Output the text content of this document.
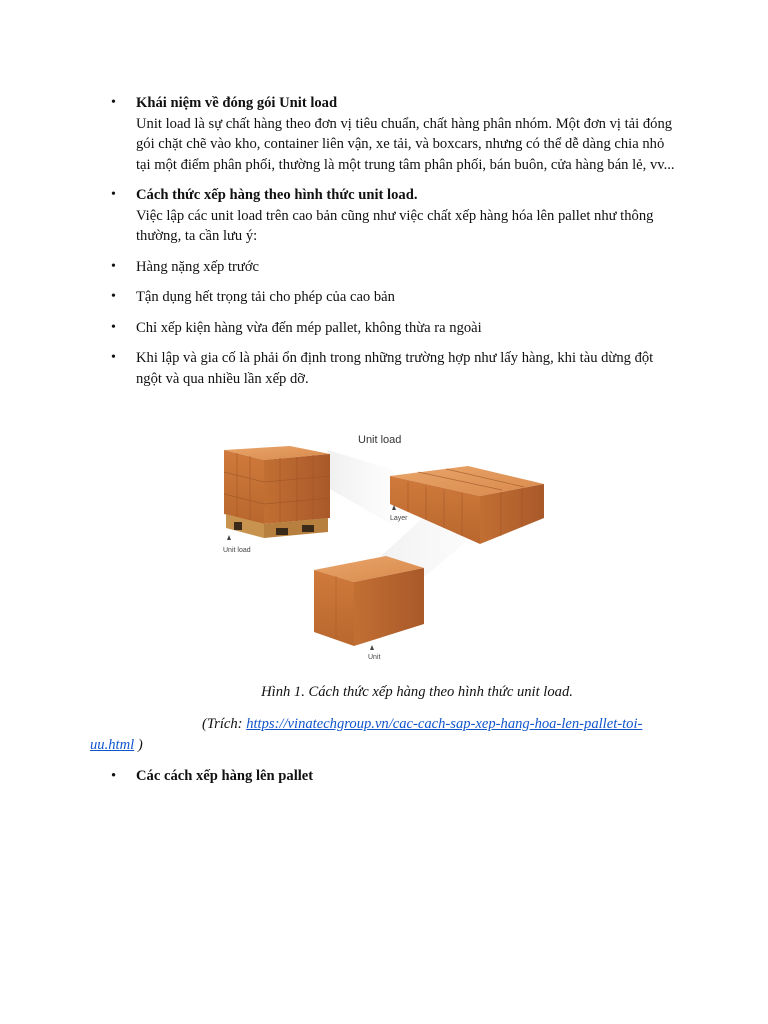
• Khái niệm về đóng gói Unit load
Unit load là sự chất hàng theo đơn vị tiêu chuẩn, chất hàng phân nhóm. Một đơn vị tải đóng gói chặt chẽ vào kho, container liên vận, xe tải, và boxcars, nhưng có thể dễ dàng chia nhỏ tại một điểm phân phối, thường là một trung tâm phân phối, bán buôn, cửa hàng bán lẻ, vv...
• Cách thức xếp hàng theo hình thức unit load.
Việc lập các unit load trên cao bản cũng như việc chất xếp hàng hóa lên pallet như thông thường, ta cần lưu ý:
• Hàng nặng xếp trước
• Tận dụng hết trọng tải cho phép của cao bản
• Chỉ xếp kiện hàng vừa đến mép pallet, không thừa ra ngoài
• Khi lập và gia cố là phải ổn định trong những trường hợp như lấy hàng, khi tàu dừng đột ngột và qua nhiều lần xếp dỡ.
Unit load
Unit load
Layer
Unit
Hình 1. Cách thức xếp hàng theo hình thức unit load.
(Trích: https://vinatechgroup.vn/cac-cach-sap-xep-hang-hoa-len-pallet-toi-uu.html )
• Các cách xếp hàng lên pallet
